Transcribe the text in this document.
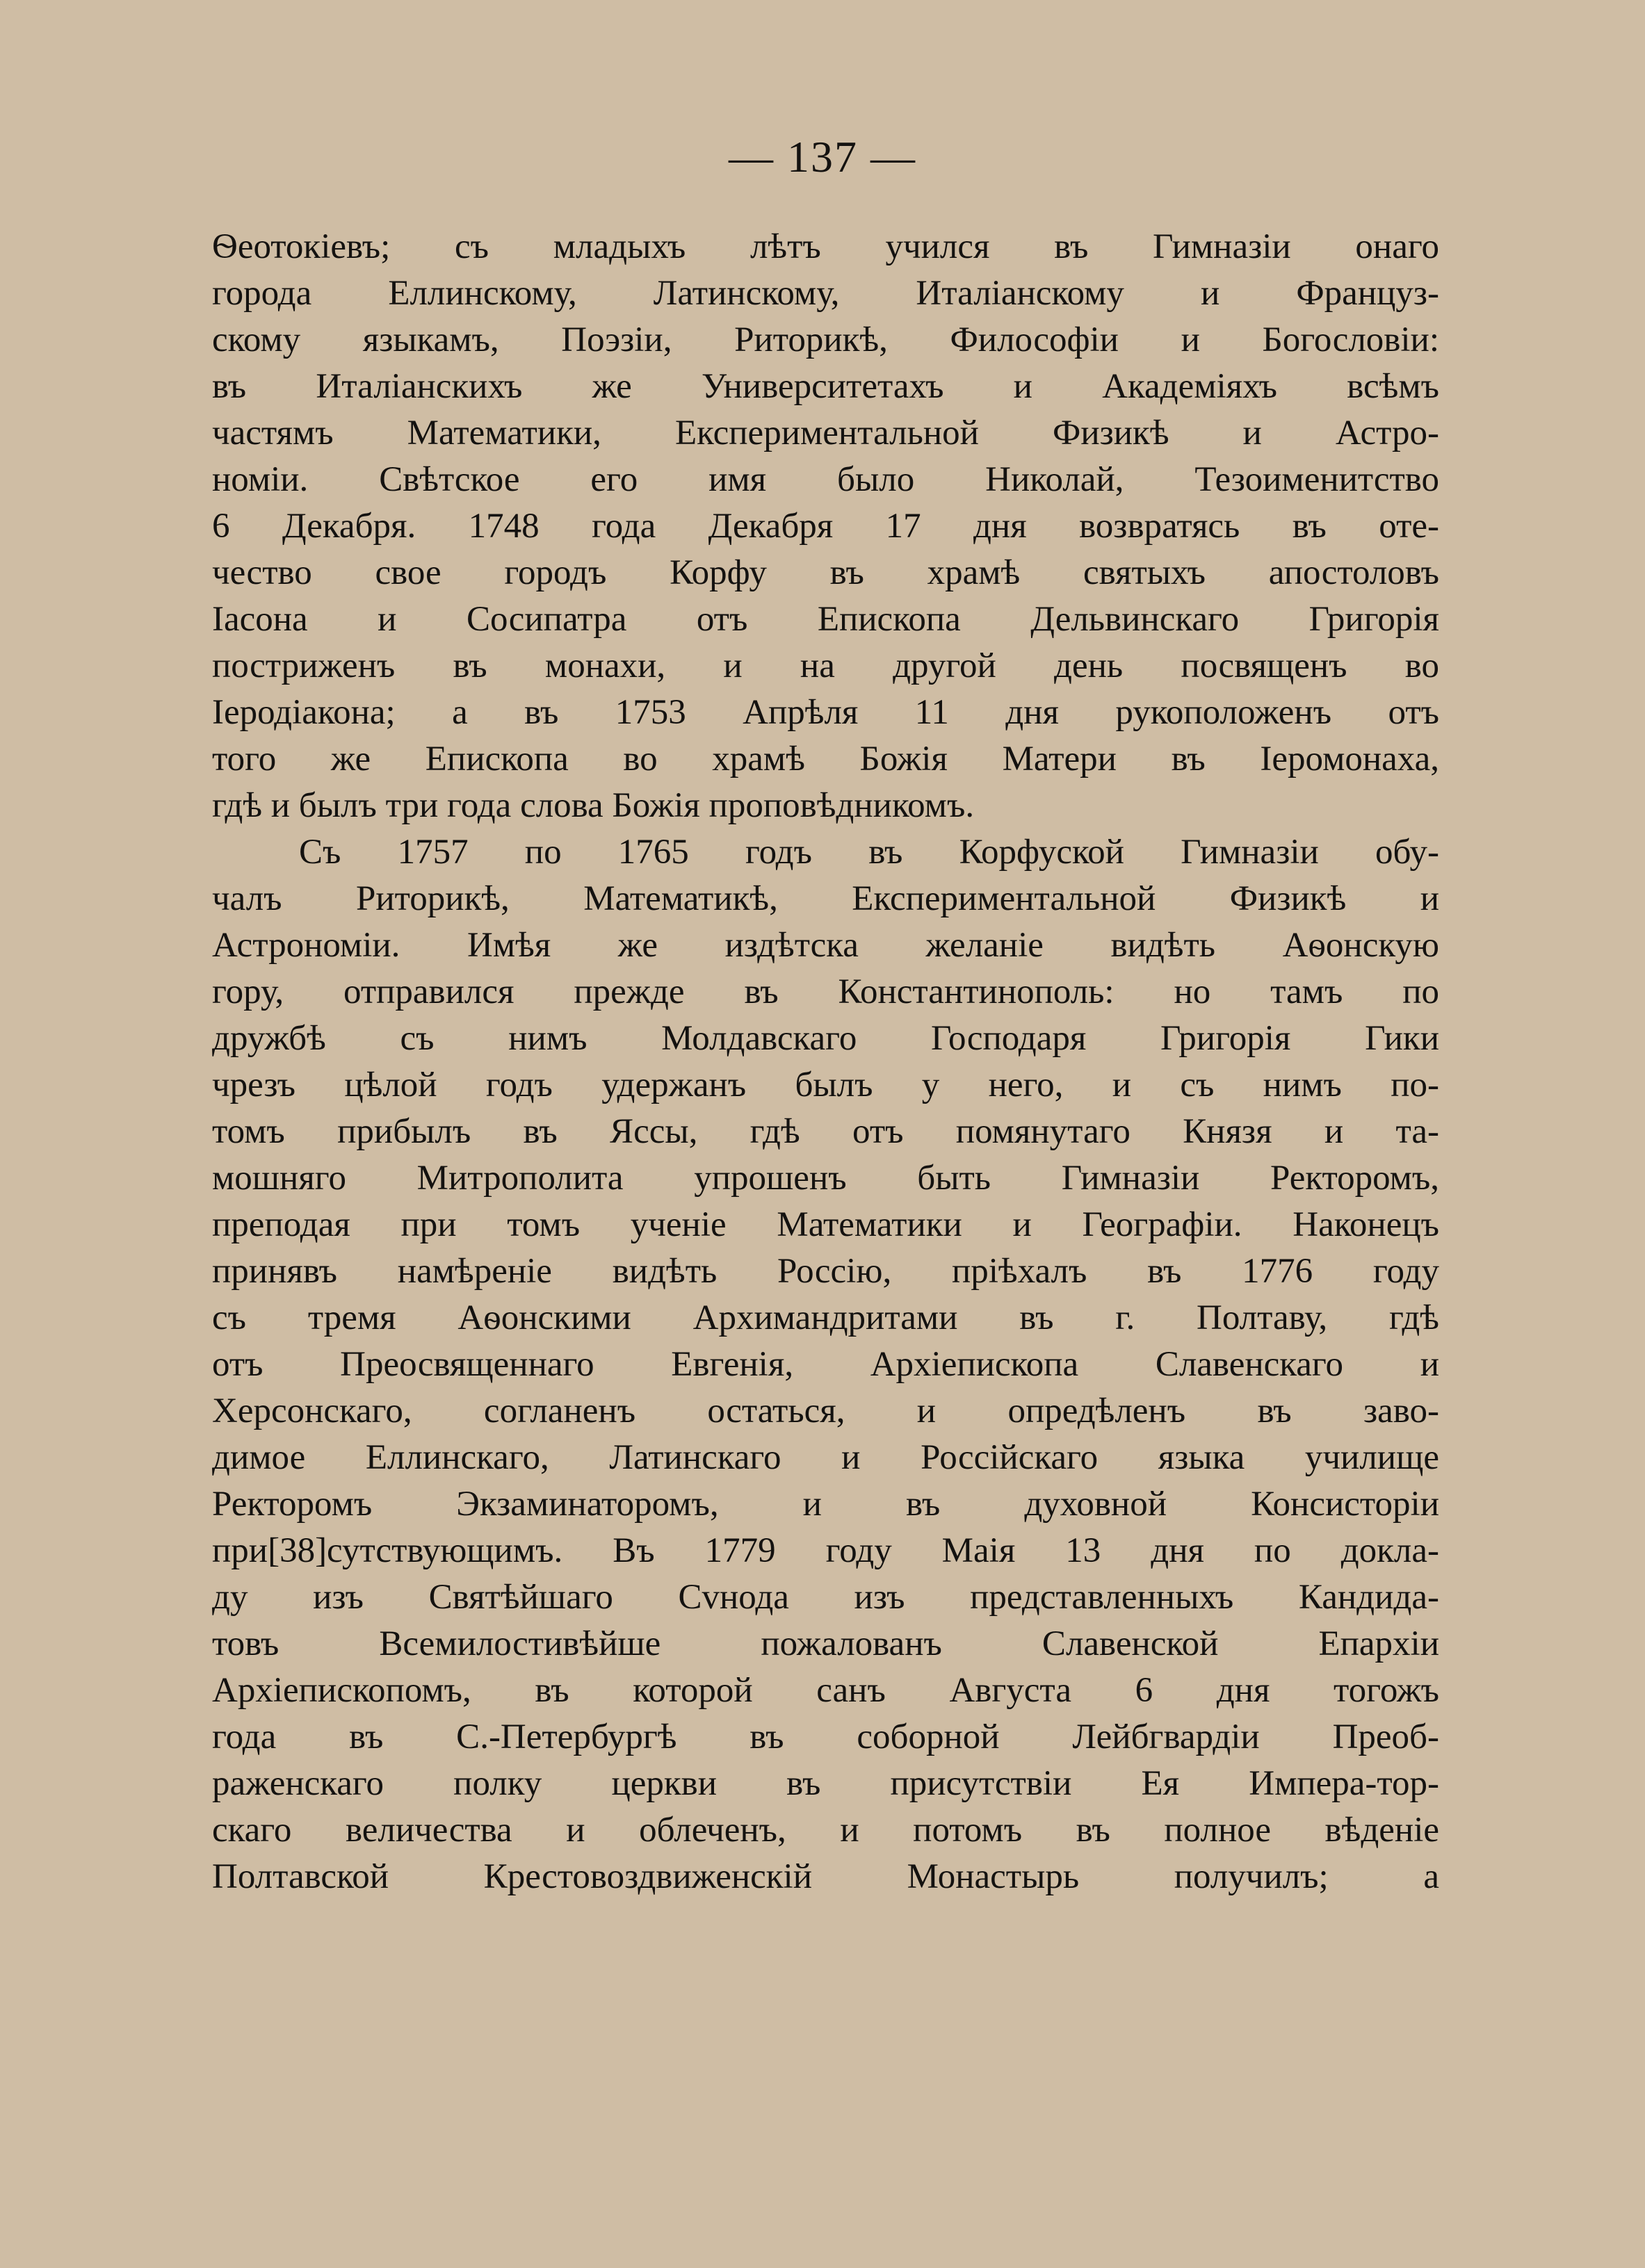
— 137 —
Ѳеотокіевъ; съ младыхъ лѣтъ учился въ Гимназіи онаго
города Еллинскому, Латинскому, Италіанскому и Француз-
скому языкамъ, Поэзіи, Риторикѣ, Философіи и Богословіи:
въ Италіанскихъ же Университетахъ и Академіяхъ всѣмъ
частямъ Математики, Експериментальной Физикѣ и Астро-
номіи. Свѣтское его имя было Николай, Тезоименитство
6 Декабря. 1748 года Декабря 17 дня возвратясь въ оте-
чество свое городъ Корфу въ храмѣ святыхъ апостоловъ
Іасона и Сосипатра отъ Епископа Дельвинскаго Григорія
постриженъ въ монахи, и на другой день посвященъ во
Іеродіакона; а въ 1753 Апрѣля 11 дня рукоположенъ отъ
того же Епископа во храмѣ Божія Матери въ Іеромонаха,
гдѣ и былъ три года слова Божія проповѣдникомъ.
Съ 1757 по 1765 годъ въ Корфуской Гимназіи обу-
чалъ Риторикѣ, Математикѣ, Експериментальной Физикѣ и
Астрономіи. Имѣя же издѣтска желаніе видѣть Аѳонскую
гору, отправился прежде въ Константинополь: но тамъ по
дружбѣ съ нимъ Молдавскаго Господаря Григорія Гики
чрезъ цѣлой годъ удержанъ былъ у него, и съ нимъ по-
томъ прибылъ въ Яссы, гдѣ отъ помянутаго Князя и та-
мошняго Митрополита упрошенъ быть Гимназіи Ректоромъ,
преподая при томъ ученіе Математики и Географіи. Наконецъ
принявъ намѣреніе видѣть Россію, пріѣхалъ въ 1776 году
съ тремя Аѳонскими Архимандритами въ г. Полтаву, гдѣ
отъ Преосвященнаго Евгенія, Архіепископа Славенскаго и
Херсонскаго, согланенъ остаться, и опредѣленъ въ заво-
димое Еллинскаго, Латинскаго и Россійскаго языка училище
Ректоромъ Экзаминаторомъ, и въ духовной Консисторіи
при[38]сутствующимъ. Въ 1779 году Маія 13 дня по докла-
ду изъ Святѣйшаго Сvнода изъ представленныхъ Кандида-
товъ Всемилостивѣйше пожалованъ Славенской Епархіи
Архіепископомъ, въ которой санъ Августа 6 дня тогожъ
года въ С.-Петербургѣ въ соборной Лейбгвардіи Преоб-
раженскаго полку церкви въ присутствіи Ея Импера-тор-
скаго величества и облеченъ, и потомъ въ полное вѣденіе
Полтавской Крестовоздвиженскій Монастырь получилъ; а
